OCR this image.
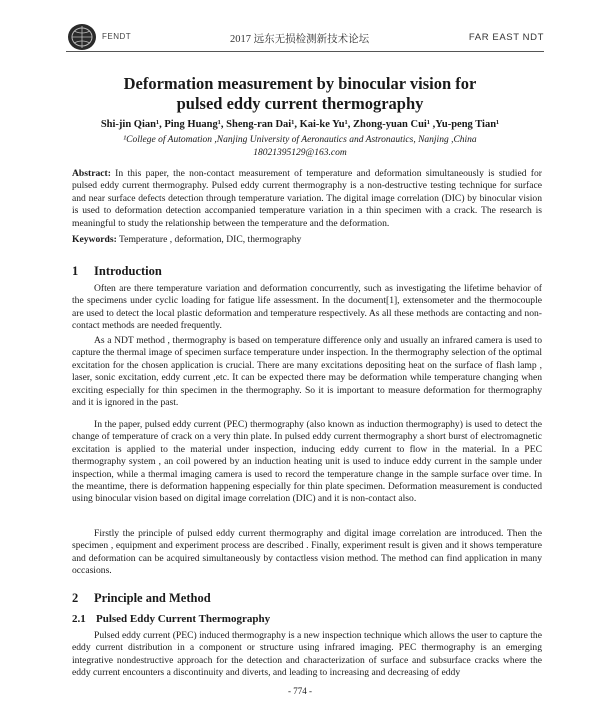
FENDT	2017 远东无损检测新技术论坛	FAR EAST NDT
Deformation measurement by binocular vision for
pulsed eddy current thermography
Shi-jin Qian¹, Ping Huang¹, Sheng-ran Dai¹, Kai-ke Yu¹, Zhong-yuan Cui¹ ,Yu-peng Tian¹
¹College of Automation ,Nanjing University of Aeronautics and Astronautics, Nanjing ,China
18021395129@163.com
Abstract: In this paper, the non-contact measurement of temperature and deformation simultaneously is studied for pulsed eddy current thermography. Pulsed eddy current thermography is a non-destructive testing technique for surface and near surface defects detection through temperature variation. The digital image correlation (DIC) by binocular vision is used to deformation detection accompanied temperature variation in a thin specimen with a crack. The research is meaningful to study the relationship between the temperature and the deformation.
Keywords: Temperature , deformation, DIC, thermography
1 Introduction

Often are there temperature variation and deformation concurrently, such as investigating the lifetime behavior of the specimens under cyclic loading for fatigue life assessment. In the document[1], extensometer and the thermocouple are used to detect the local plastic deformation and temperature respectively. As all these methods are contacting and non-contact methods are needed frequently.

As a NDT method , thermography is based on temperature difference only and usually an infrared camera is used to capture the thermal image of specimen surface temperature under inspection. In the thermography selection of the optimal excitation for the chosen application is crucial. There are many excitations depositing heat on the surface of flash lamp , laser, sonic excitation, eddy current ,etc. It can be expected there may be deformation while temperature changing when exciting especially for thin specimen in the thermography. So it is important to measure deformation for thermography and it is ignored in the past.

In the paper, pulsed eddy current (PEC) thermography (also known as induction thermography) is used to detect the change of temperature of crack on a very thin plate. In pulsed eddy current thermography a short burst of electromagnetic excitation is applied to the material under inspection, inducing eddy current to flow in the material. In a PEC thermography system , an coil powered by an induction heating unit is used to induce eddy current in the sample under inspection, while a thermal imaging camera is used to record the temperature change in the sample surface over time. In the meantime, there is deformation happening especially for thin plate specimen. Deformation measurement is conducted using binocular vision based on digital image correlation (DIC) and it is non-contact also.

Firstly the principle of pulsed eddy current thermography and digital image correlation are introduced. Then the specimen , equipment and experiment process are described . Finally, experiment result is given and it shows temperature and deformation can be acquired simultaneously by contactless vision method. The method can find application in many occasions.

2 Principle and Method
2.1 Pulsed Eddy Current Thermography

Pulsed eddy current (PEC) induced thermography is a new inspection technique which allows the user to capture the eddy current distribution in a component or structure using infrared imaging. PEC thermography is an emerging integrative nondestructive approach for the detection and characterization of surface and subsurface cracks where the eddy current encounters a discontinuity and diverts, and leading to increasing and decreasing of eddy

- 774 -
